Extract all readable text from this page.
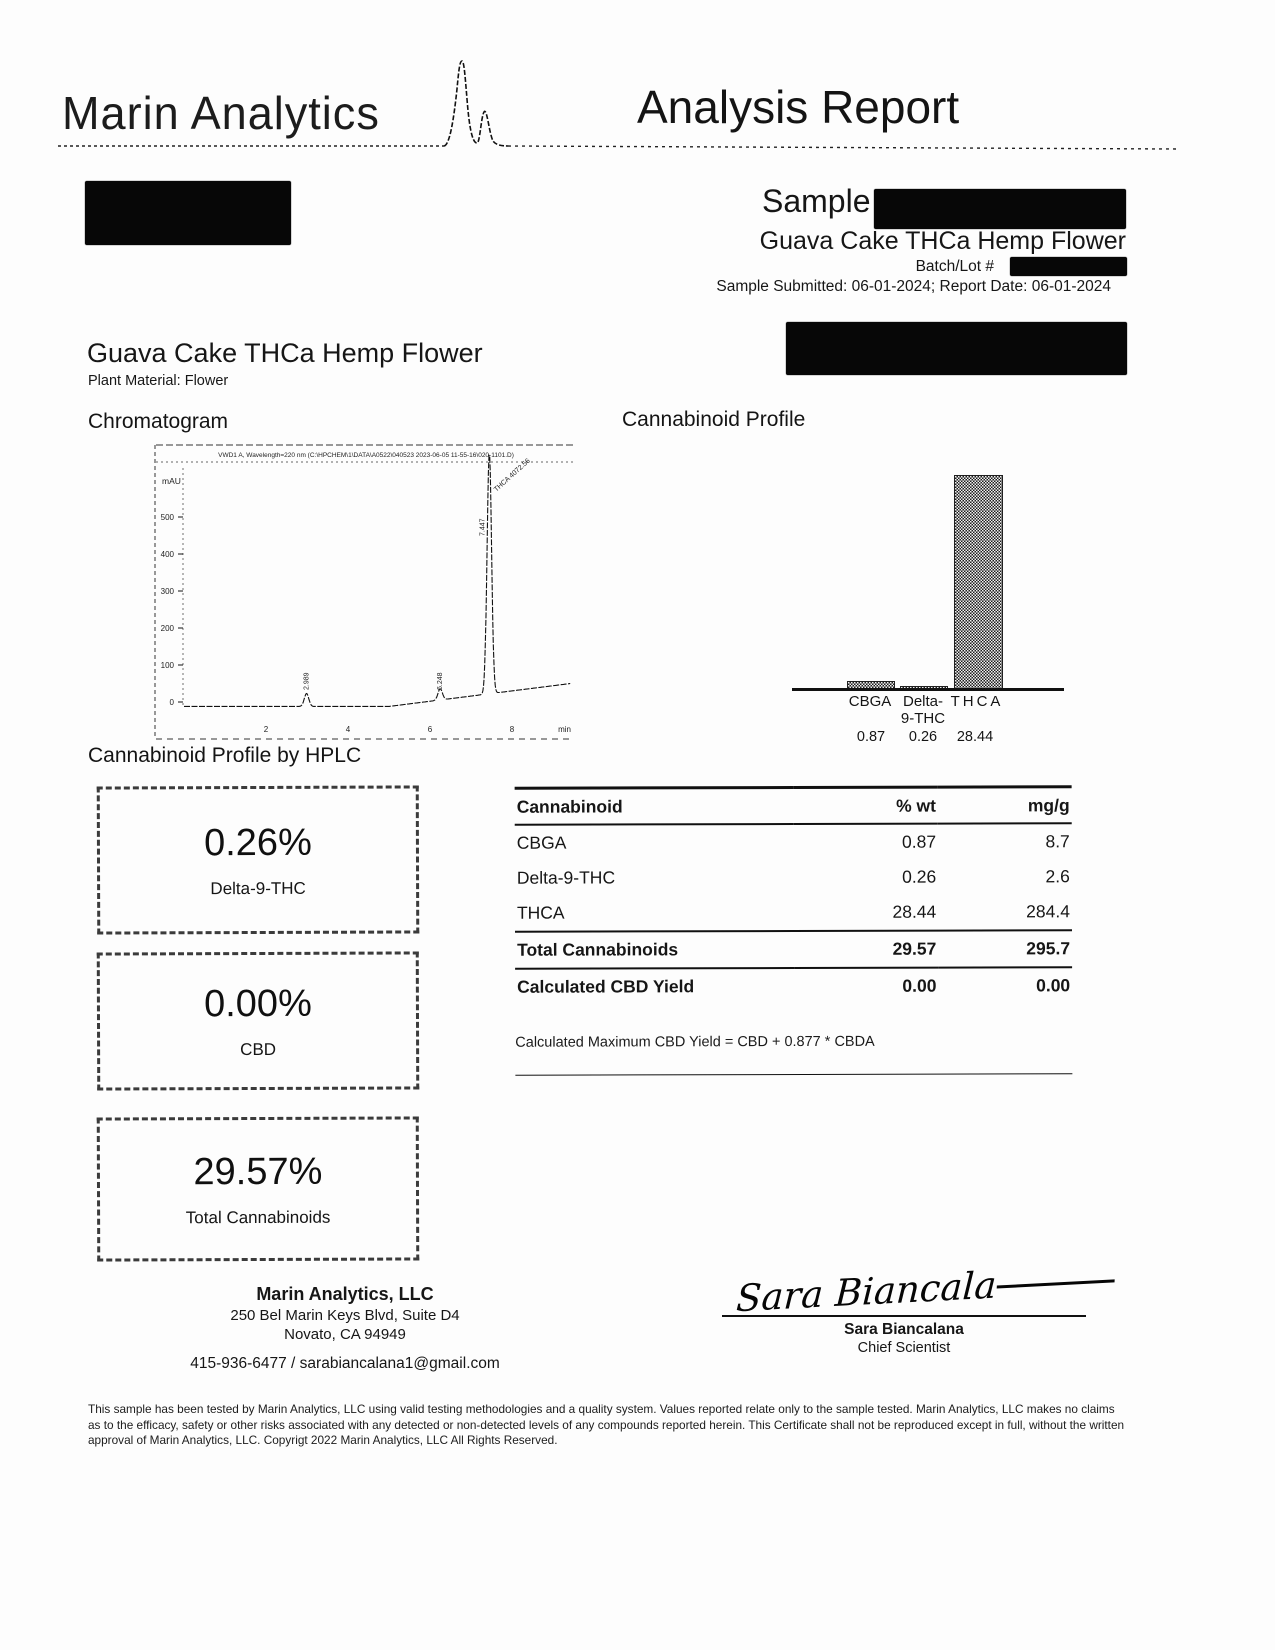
Marin Analytics	Analysis Report
Sample
Guava Cake THCa Hemp Flower
Batch/Lot #
Sample Submitted: 06-01-2024; Report Date: 06-01-2024
Guava Cake THCa Hemp Flower
Plant Material: Flower
Chromatogram
VWD1 A, Wavelength=220 nm (C:\HPCHEM\1\DATA\A0522\040523 2023-06-05 11-55-16\020-1101.D)
mAU
500
400
300
200
100
0
2	4	6	8	min
2.989	6.248
7.447
THCA 4072.56
Cannabinoid Profile
CBGA Delta-
9-THC
THCA
0.87	0.26	28.44
Cannabinoid Profile by HPLC
0.26%
Delta-9-THC
0.00%
CBD
29.57%
Total Cannabinoids
Cannabinoid	% wt	mg/g
CBGA	0.87	8.7
Delta-9-THC	0.26	2.6
THCA	28.44	284.4
Total Cannabinoids	29.57	295.7
Calculated CBD Yield	0.00	0.00
Calculated Maximum CBD Yield = CBD + 0.877 * CBDA
Marin Analytics, LLC
250 Bel Marin Keys Blvd, Suite D4
Novato, CA 94949
415-936-6477 / sarabiancalana1@gmail.com
Sara Biancala
Sara Biancalana
Chief Scientist
This sample has been tested by Marin Analytics, LLC using valid testing methodologies and a quality system. Values reported relate only to the sample tested. Marin Analytics, LLC makes no claims as to the efficacy, safety or other risks associated with any detected or non-detected levels of any compounds reported herein. This Certificate shall not be reproduced except in full, without the written approval of Marin Analytics, LLC. Copyrigt 2022 Marin Analytics, LLC All Rights Reserved.
